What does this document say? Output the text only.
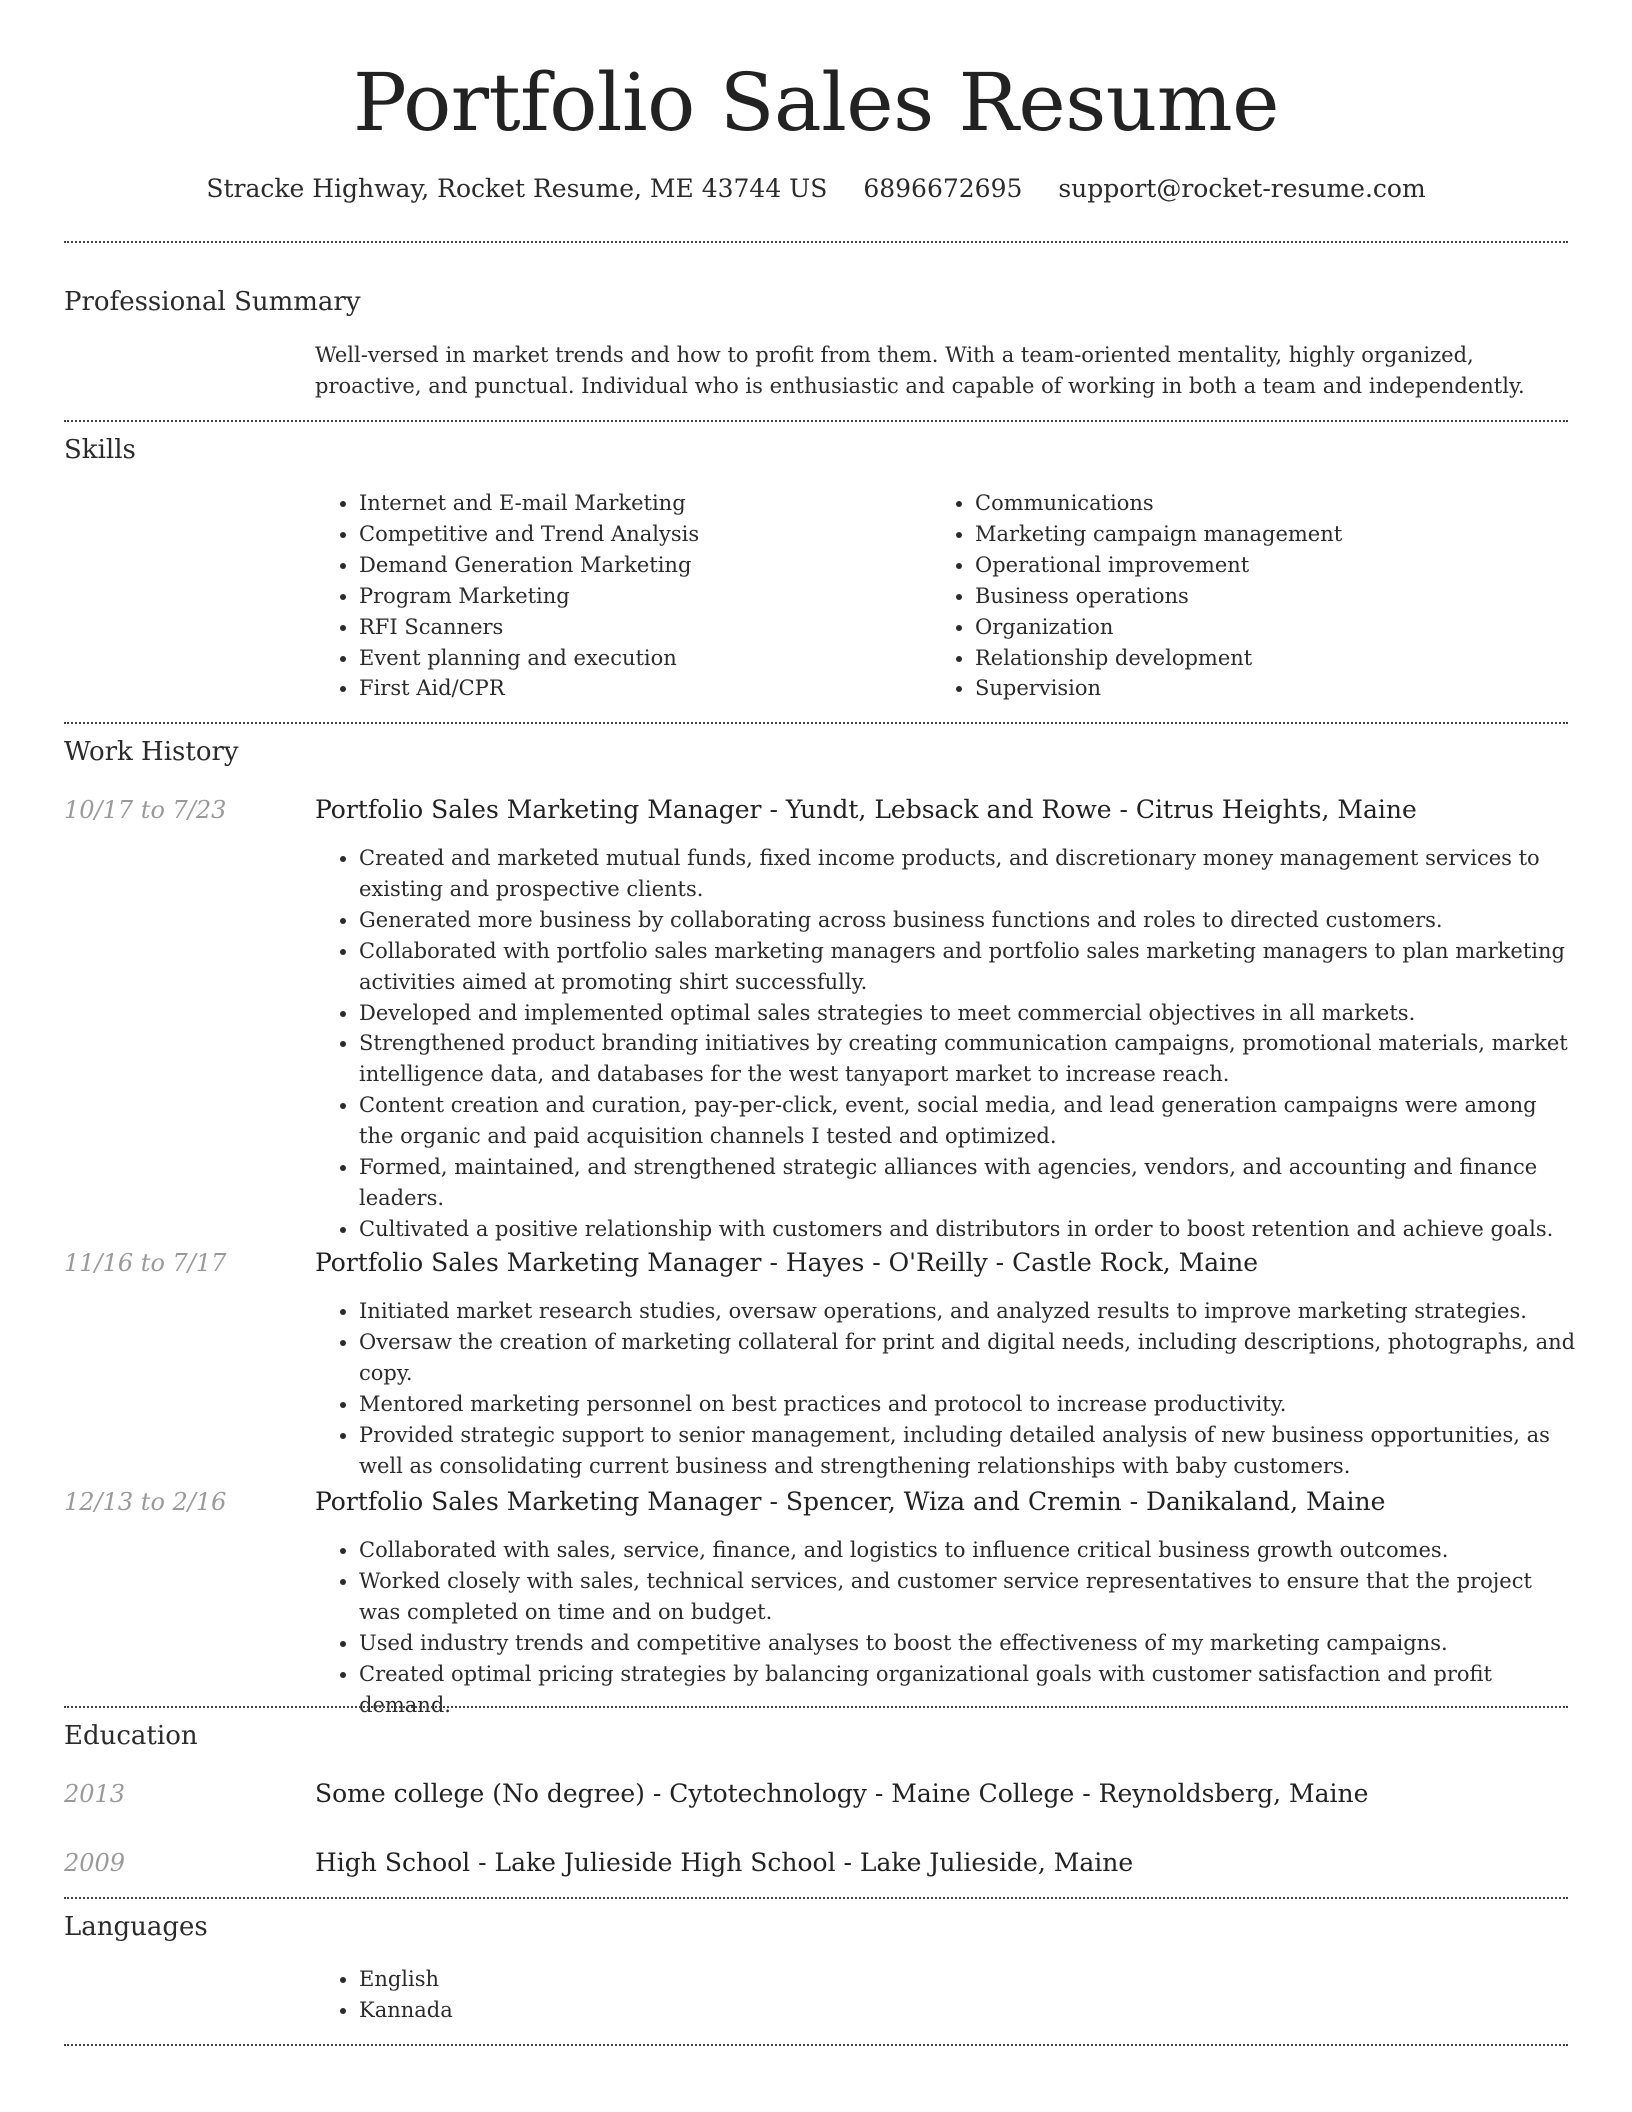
Portfolio Sales Resume
Stracke Highway, Rocket Resume, ME 43744 US 6896672695 support@rocket-resume.com
Professional Summary
Well-versed in market trends and how to profit from them. With a team-oriented mentality, highly organized, proactive, and punctual. Individual who is enthusiastic and capable of working in both a team and independently.
Skills
• Internet and E-mail Marketing
• Competitive and Trend Analysis
• Demand Generation Marketing
• Program Marketing
• RFI Scanners
• Event planning and execution
• First Aid/CPR
• Communications
• Marketing campaign management
• Operational improvement
• Business operations
• Organization
• Relationship development
• Supervision
Work History
10/17 to 7/23	Portfolio Sales Marketing Manager - Yundt, Lebsack and Rowe - Citrus Heights, Maine
• Created and marketed mutual funds, fixed income products, and discretionary money management services to existing and prospective clients.
• Generated more business by collaborating across business functions and roles to directed customers.
• Collaborated with portfolio sales marketing managers and portfolio sales marketing managers to plan marketing activities aimed at promoting shirt successfully.
• Developed and implemented optimal sales strategies to meet commercial objectives in all markets.
• Strengthened product branding initiatives by creating communication campaigns, promotional materials, market intelligence data, and databases for the west tanyaport market to increase reach.
• Content creation and curation, pay-per-click, event, social media, and lead generation campaigns were among the organic and paid acquisition channels I tested and optimized.
• Formed, maintained, and strengthened strategic alliances with agencies, vendors, and accounting and finance leaders.
• Cultivated a positive relationship with customers and distributors in order to boost retention and achieve goals.
11/16 to 7/17	Portfolio Sales Marketing Manager - Hayes - O'Reilly - Castle Rock, Maine
• Initiated market research studies, oversaw operations, and analyzed results to improve marketing strategies.
• Oversaw the creation of marketing collateral for print and digital needs, including descriptions, photographs, and copy.
• Mentored marketing personnel on best practices and protocol to increase productivity.
• Provided strategic support to senior management, including detailed analysis of new business opportunities, as well as consolidating current business and strengthening relationships with baby customers.
12/13 to 2/16	Portfolio Sales Marketing Manager - Spencer, Wiza and Cremin - Danikaland, Maine
• Collaborated with sales, service, finance, and logistics to influence critical business growth outcomes.
• Worked closely with sales, technical services, and customer service representatives to ensure that the project was completed on time and on budget.
• Used industry trends and competitive analyses to boost the effectiveness of my marketing campaigns.
• Created optimal pricing strategies by balancing organizational goals with customer satisfaction and profit demand.
Education
2013	Some college (No degree) - Cytotechnology - Maine College - Reynoldsberg, Maine
2009	High School - Lake Julieside High School - Lake Julieside, Maine
Languages
• English
• Kannada
